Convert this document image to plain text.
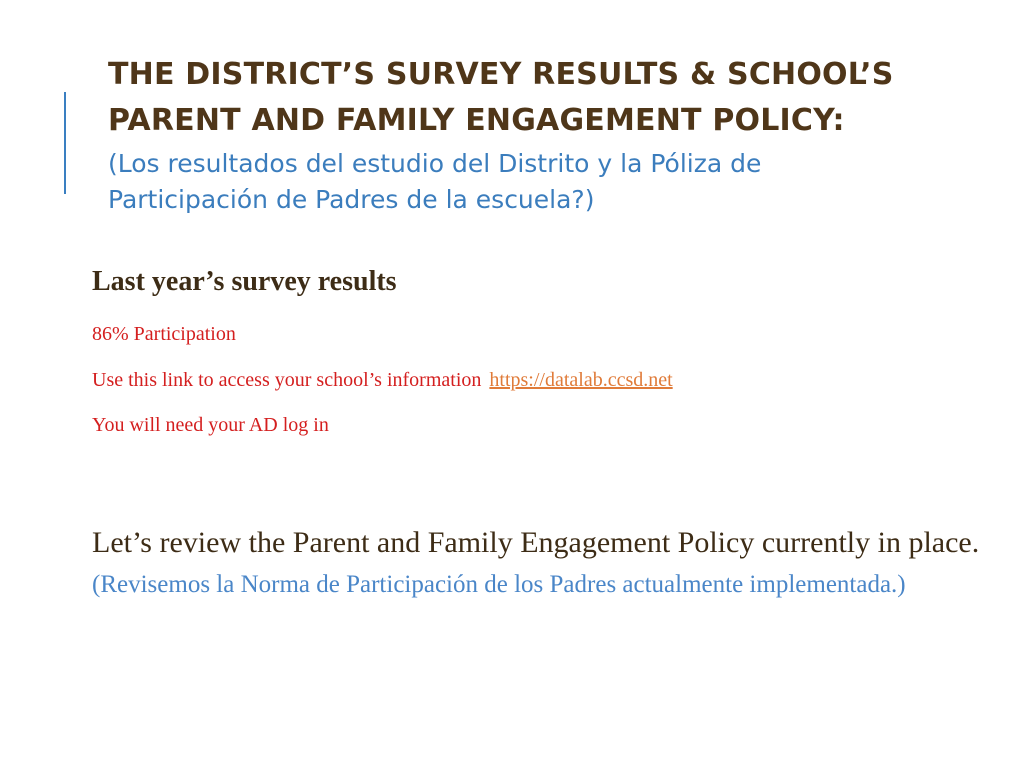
THE DISTRICT’S SURVEY RESULTS & SCHOOL’S
PARENT AND FAMILY ENGAGEMENT POLICY:
(Los resultados del estudio del Distrito y la Póliza de
Participación de Padres de la escuela?)

Last year’s survey results

86% Participation

Use this link to access your school’s information https://datalab.ccsd.net

You will need your AD log in

Let’s review the Parent and Family Engagement Policy currently in place. (Revisemos la Norma de Participación de los Padres actualmente implementada.)
